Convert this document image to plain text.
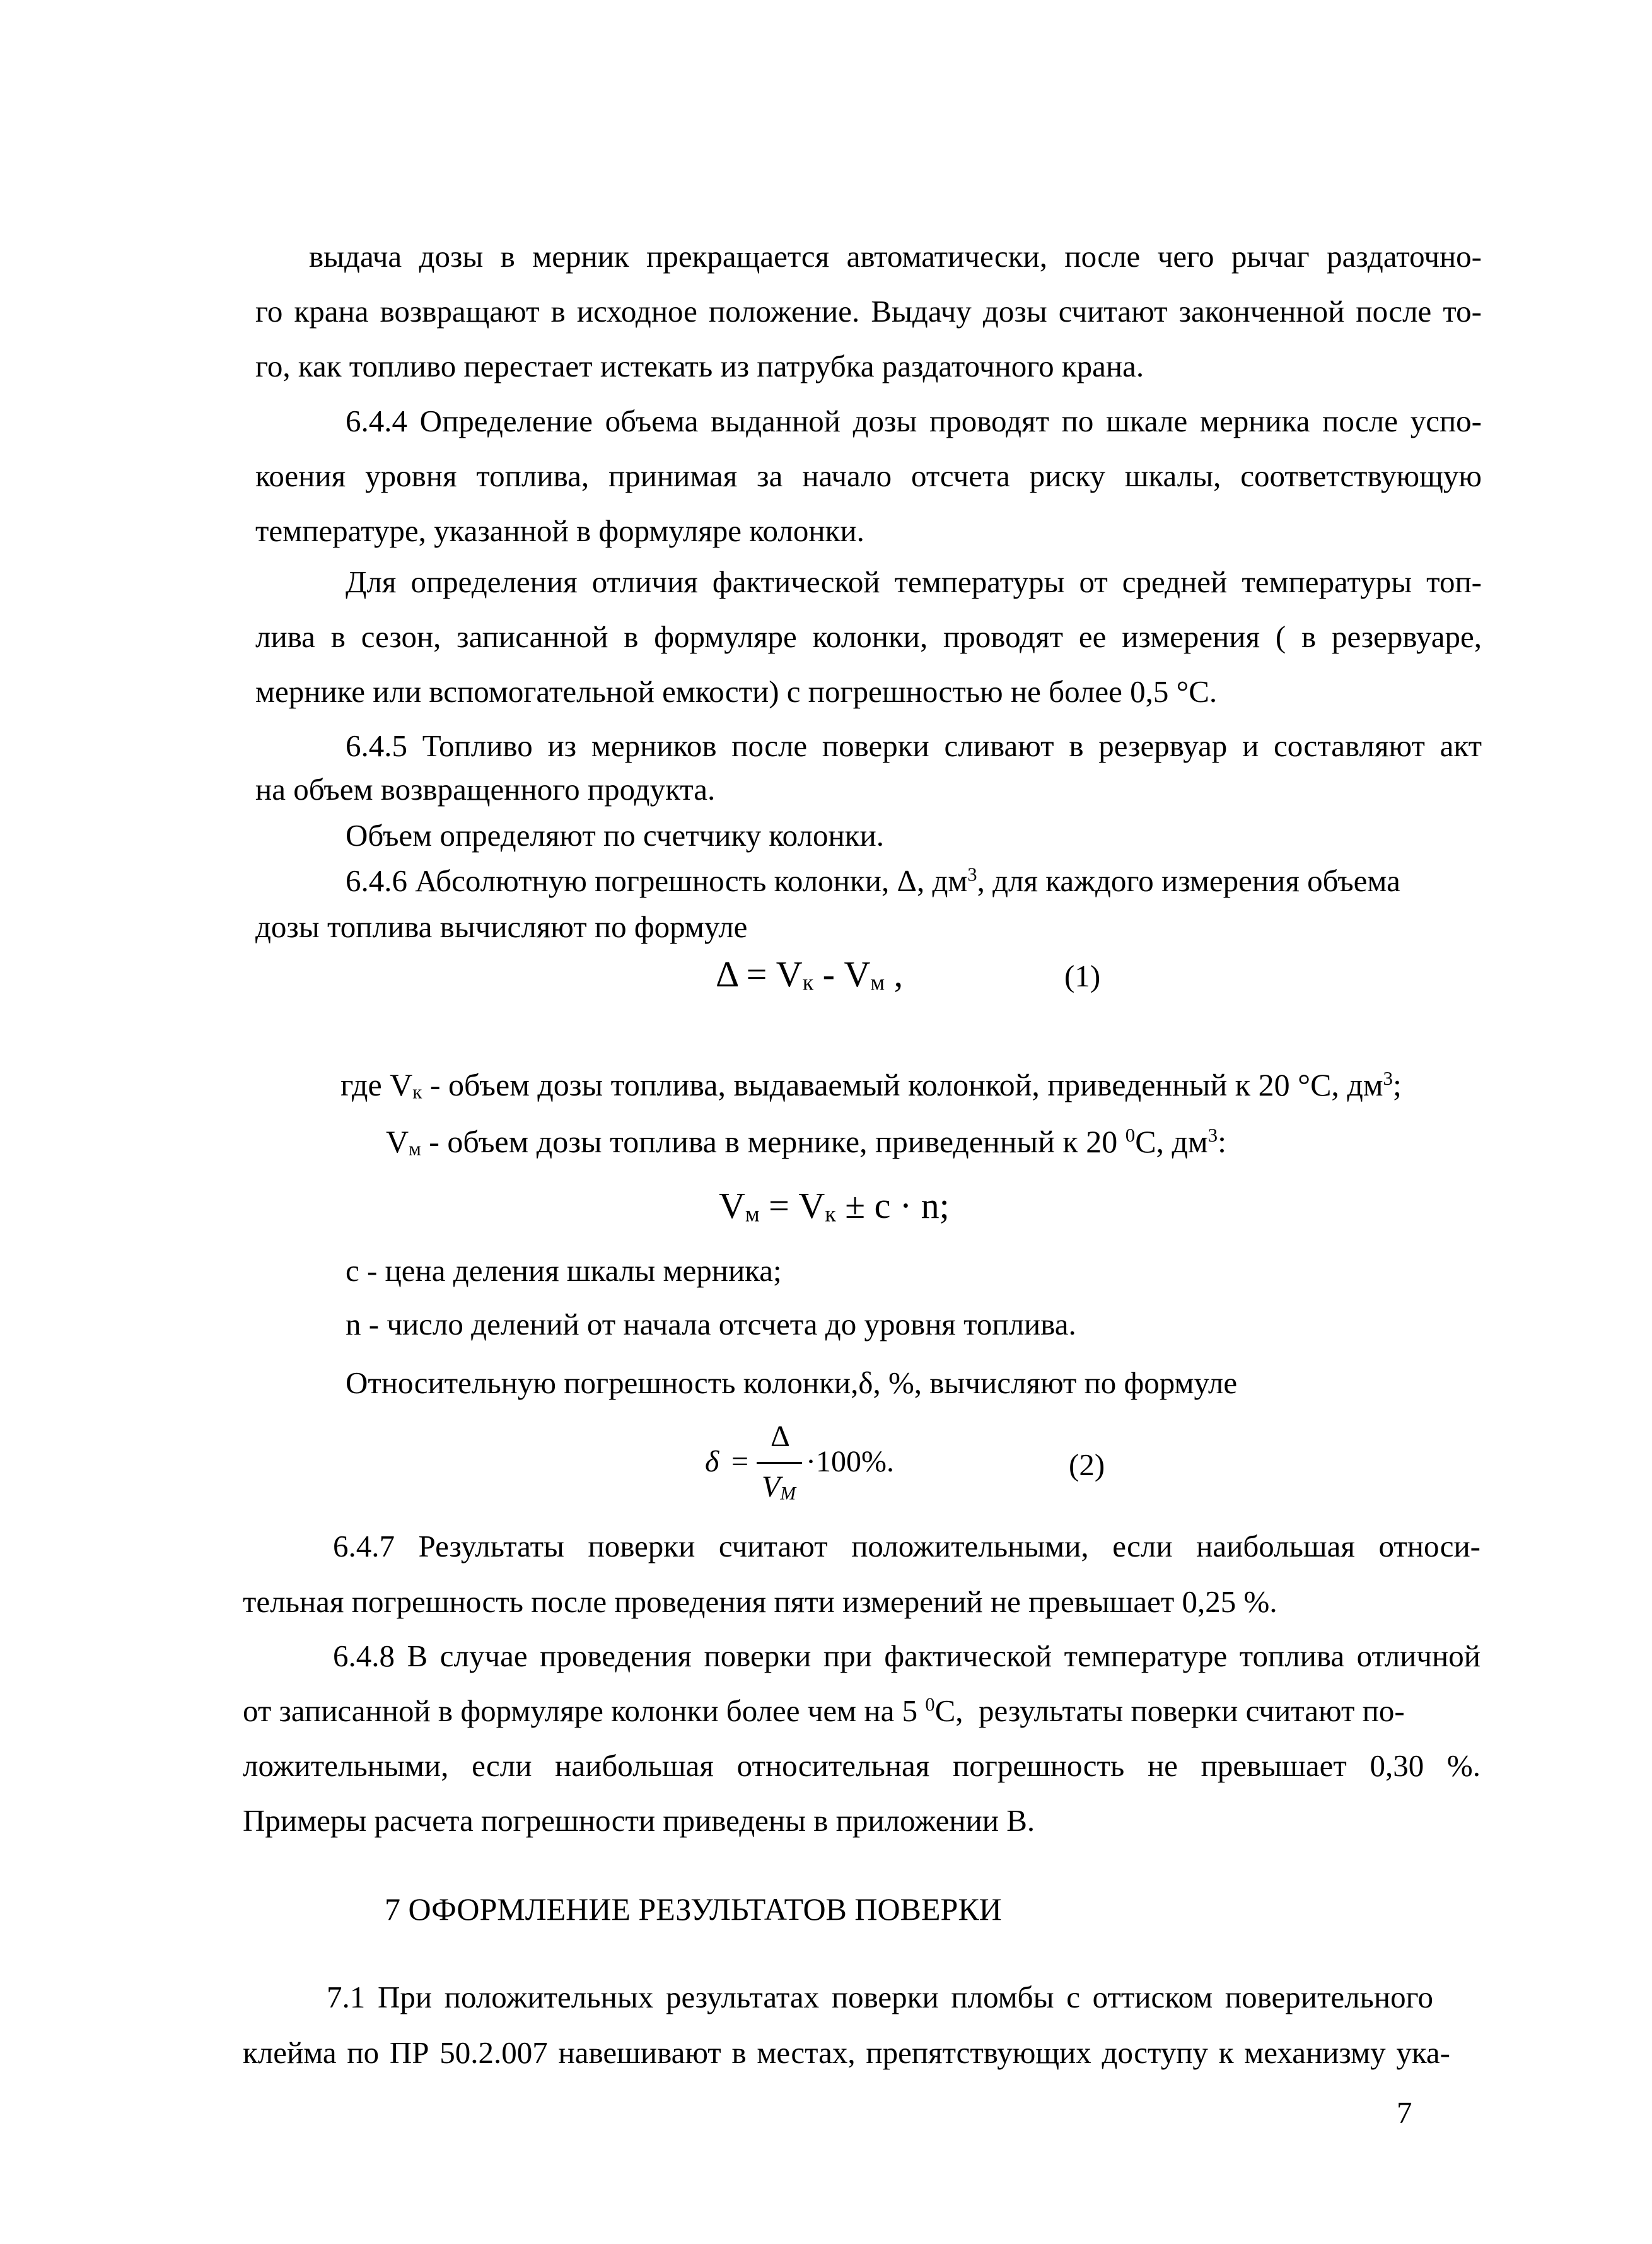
выдача дозы в мерник прекращается автоматически, после чего рычаг раздаточно-
го крана возвращают в исходное положение. Выдачу дозы считают законченной после то-
го, как топливо перестает истекать из патрубка раздаточного крана.
6.4.4 Определение объема выданной дозы проводят по шкале мерника после успо-
коения уровня топлива, принимая за начало отсчета риску шкалы, соответствующую
температуре, указанной в формуляре колонки.
Для определения отличия фактической температуры от средней температуры топ-
лива в сезон, записанной в формуляре колонки, проводят ее измерения ( в резервуаре,
мернике или вспомогательной емкости) с погрешностью не более 0,5 °С.
6.4.5 Топливо из мерников после поверки сливают в резервуар и составляют акт
на объем возвращенного продукта.
Объем определяют по счетчику колонки.
6.4.6 Абсолютную погрешность колонки, Δ, $дм^3$, для каждого измерения объема
дозы топлива вычисляют по формуле
$\Delta = V_к - V_м$ ,	(1)
где $V_к$ - объем дозы топлива, выдаваемый колонкой, приведенный к 20 °С, $дм^3$;
$V_м$ - объем дозы топлива в мернике, приведенный к 20 $^0$С, $дм^3$:
$V_м = V_к \pm с \cdot n$;
с - цена деления шкалы мерника;
n - число делений от начала отсчета до уровня топлива.
Относительную погрешность колонки,δ, %, вычисляют по формуле
δ =
Δ
$V_М$
·100%.	(2)
6.4.7 Результаты поверки считают положительными, если наибольшая относи-
тельная погрешность после проведения пяти измерений не превышает 0,25 %.
6.4.8 В случае проведения поверки при фактической температуре топлива отличной
от записанной в формуляре колонки более чем на 5 $^0$С,  результаты поверки считают по-
ложительными, если наибольшая относительная погрешность не превышает 0,30 %.
Примеры расчета погрешности приведены в приложении В.
7 ОФОРМЛЕНИЕ РЕЗУЛЬТАТОВ ПОВЕРКИ
7.1 При положительных результатах поверки пломбы с оттиском поверительного
клейма по ПР 50.2.007 навешивают в местах, препятствующих доступу к механизму ука-
7
